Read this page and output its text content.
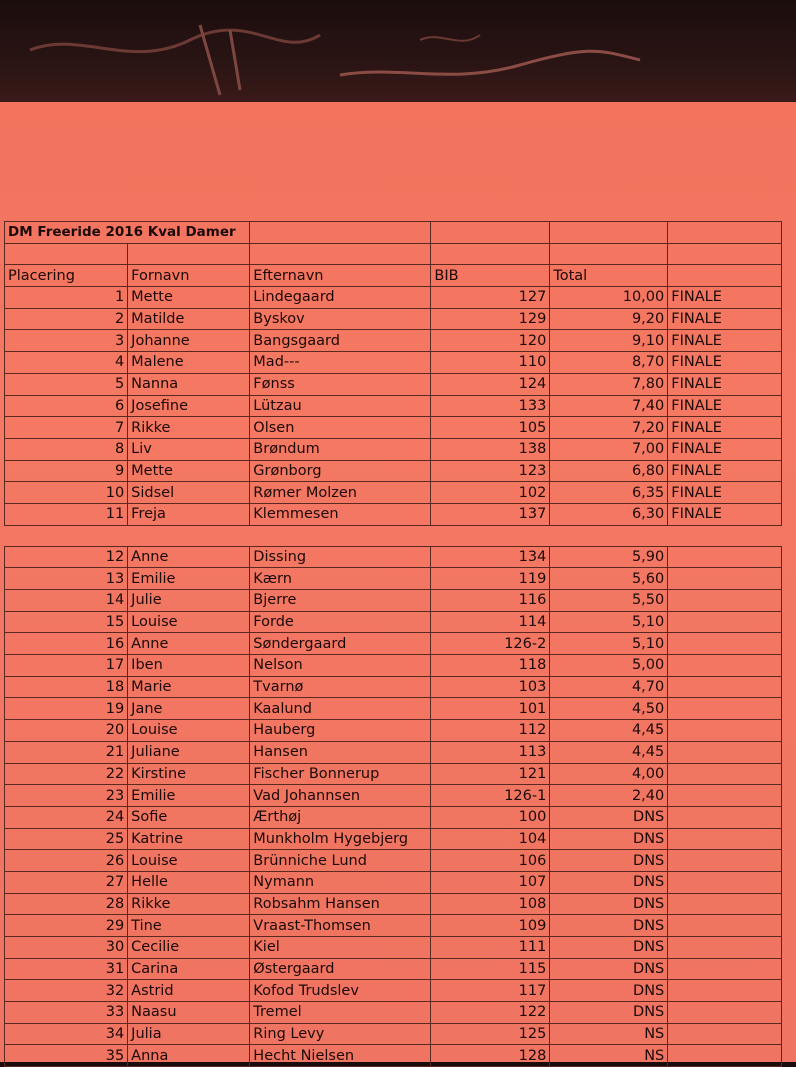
DM Freeride 2016 Kval Damer					

Placering	Fornavn	Efternavn	BIB	Total	
1	Mette	Lindegaard	127	10,00	FINALE
2	Matilde	Byskov	129	9,20	FINALE
3	Johanne	Bangsgaard	120	9,10	FINALE
4	Malene	Mad---	110	8,70	FINALE
5	Nanna	Fønss	124	7,80	FINALE
6	Josefine	Lützau	133	7,40	FINALE
7	Rikke	Olsen	105	7,20	FINALE
8	Liv	Brøndum	138	7,00	FINALE
9	Mette	Grønborg	123	6,80	FINALE
10	Sidsel	Rømer Molzen	102	6,35	FINALE
11	Freja	Klemmesen	137	6,30	FINALE

12	Anne	Dissing	134	5,90	
13	Emilie	Kærn	119	5,60	
14	Julie	Bjerre	116	5,50	
15	Louise	Forde	114	5,10	
16	Anne	Søndergaard	126-2	5,10	
17	Iben	Nelson	118	5,00	
18	Marie	Tvarnø	103	4,70	
19	Jane	Kaalund	101	4,50	
20	Louise	Hauberg	112	4,45	
21	Juliane	Hansen	113	4,45	
22	Kirstine	Fischer Bonnerup	121	4,00	
23	Emilie	Vad Johannsen	126-1	2,40	
24	Sofie	Ærthøj	100	DNS	
25	Katrine	Munkholm Hygebjerg	104	DNS	
26	Louise	Brünniche Lund	106	DNS	
27	Helle	Nymann	107	DNS	
28	Rikke	Robsahm Hansen	108	DNS	
29	Tine	Vraast-Thomsen	109	DNS	
30	Cecilie	Kiel	111	DNS	
31	Carina	Østergaard	115	DNS	
32	Astrid	Kofod Trudslev	117	DNS	
33	Naasu	Tremel	122	DNS	
34	Julia	Ring Levy	125	NS	
35	Anna	Hecht Nielsen	128	NS	
